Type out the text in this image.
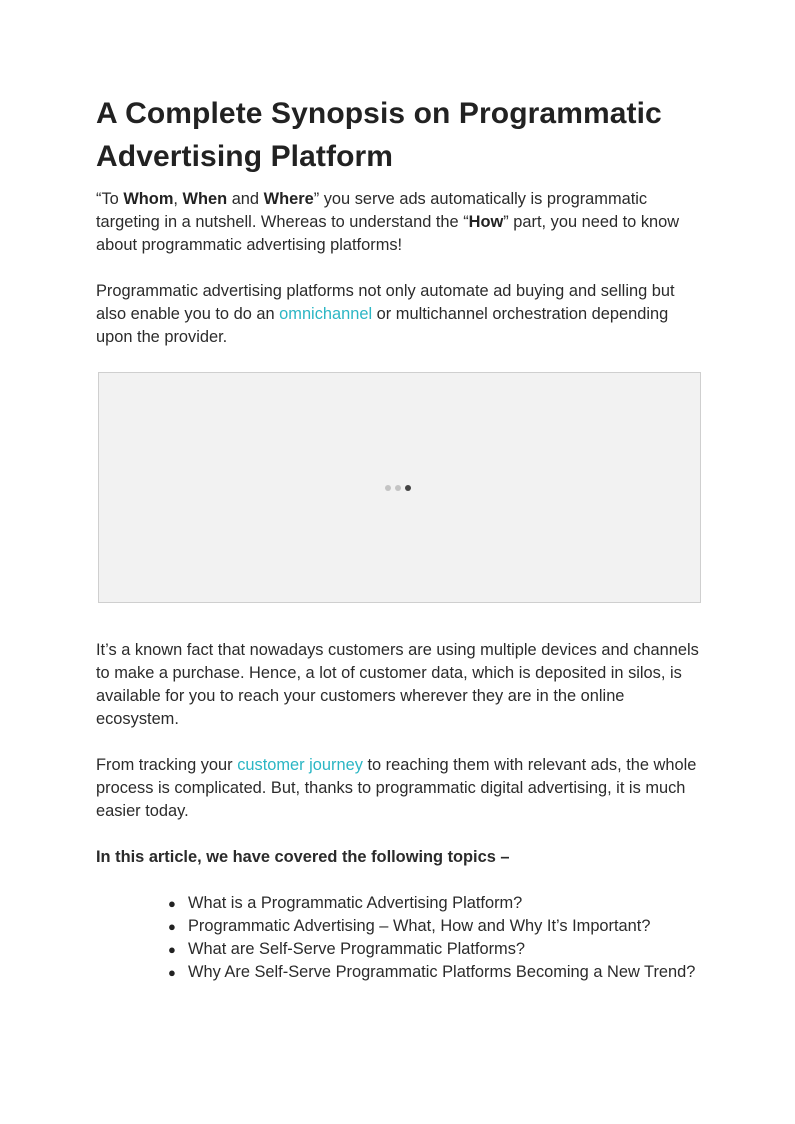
A Complete Synopsis on Programmatic Advertising Platform

“To Whom, When and Where” you serve ads automatically is programmatic targeting in a nutshell. Whereas to understand the “How” part, you need to know about programmatic advertising platforms!

Programmatic advertising platforms not only automate ad buying and selling but also enable you to do an omnichannel or multichannel orchestration depending upon the provider.

It’s a known fact that nowadays customers are using multiple devices and channels to make a purchase. Hence, a lot of customer data, which is deposited in silos, is available for you to reach your customers wherever they are in the online ecosystem.

From tracking your customer journey to reaching them with relevant ads, the whole process is complicated. But, thanks to programmatic digital advertising, it is much easier today.

In this article, we have covered the following topics –

● What is a Programmatic Advertising Platform?
● Programmatic Advertising – What, How and Why It’s Important?
● What are Self-Serve Programmatic Platforms?
● Why Are Self-Serve Programmatic Platforms Becoming a New Trend?
